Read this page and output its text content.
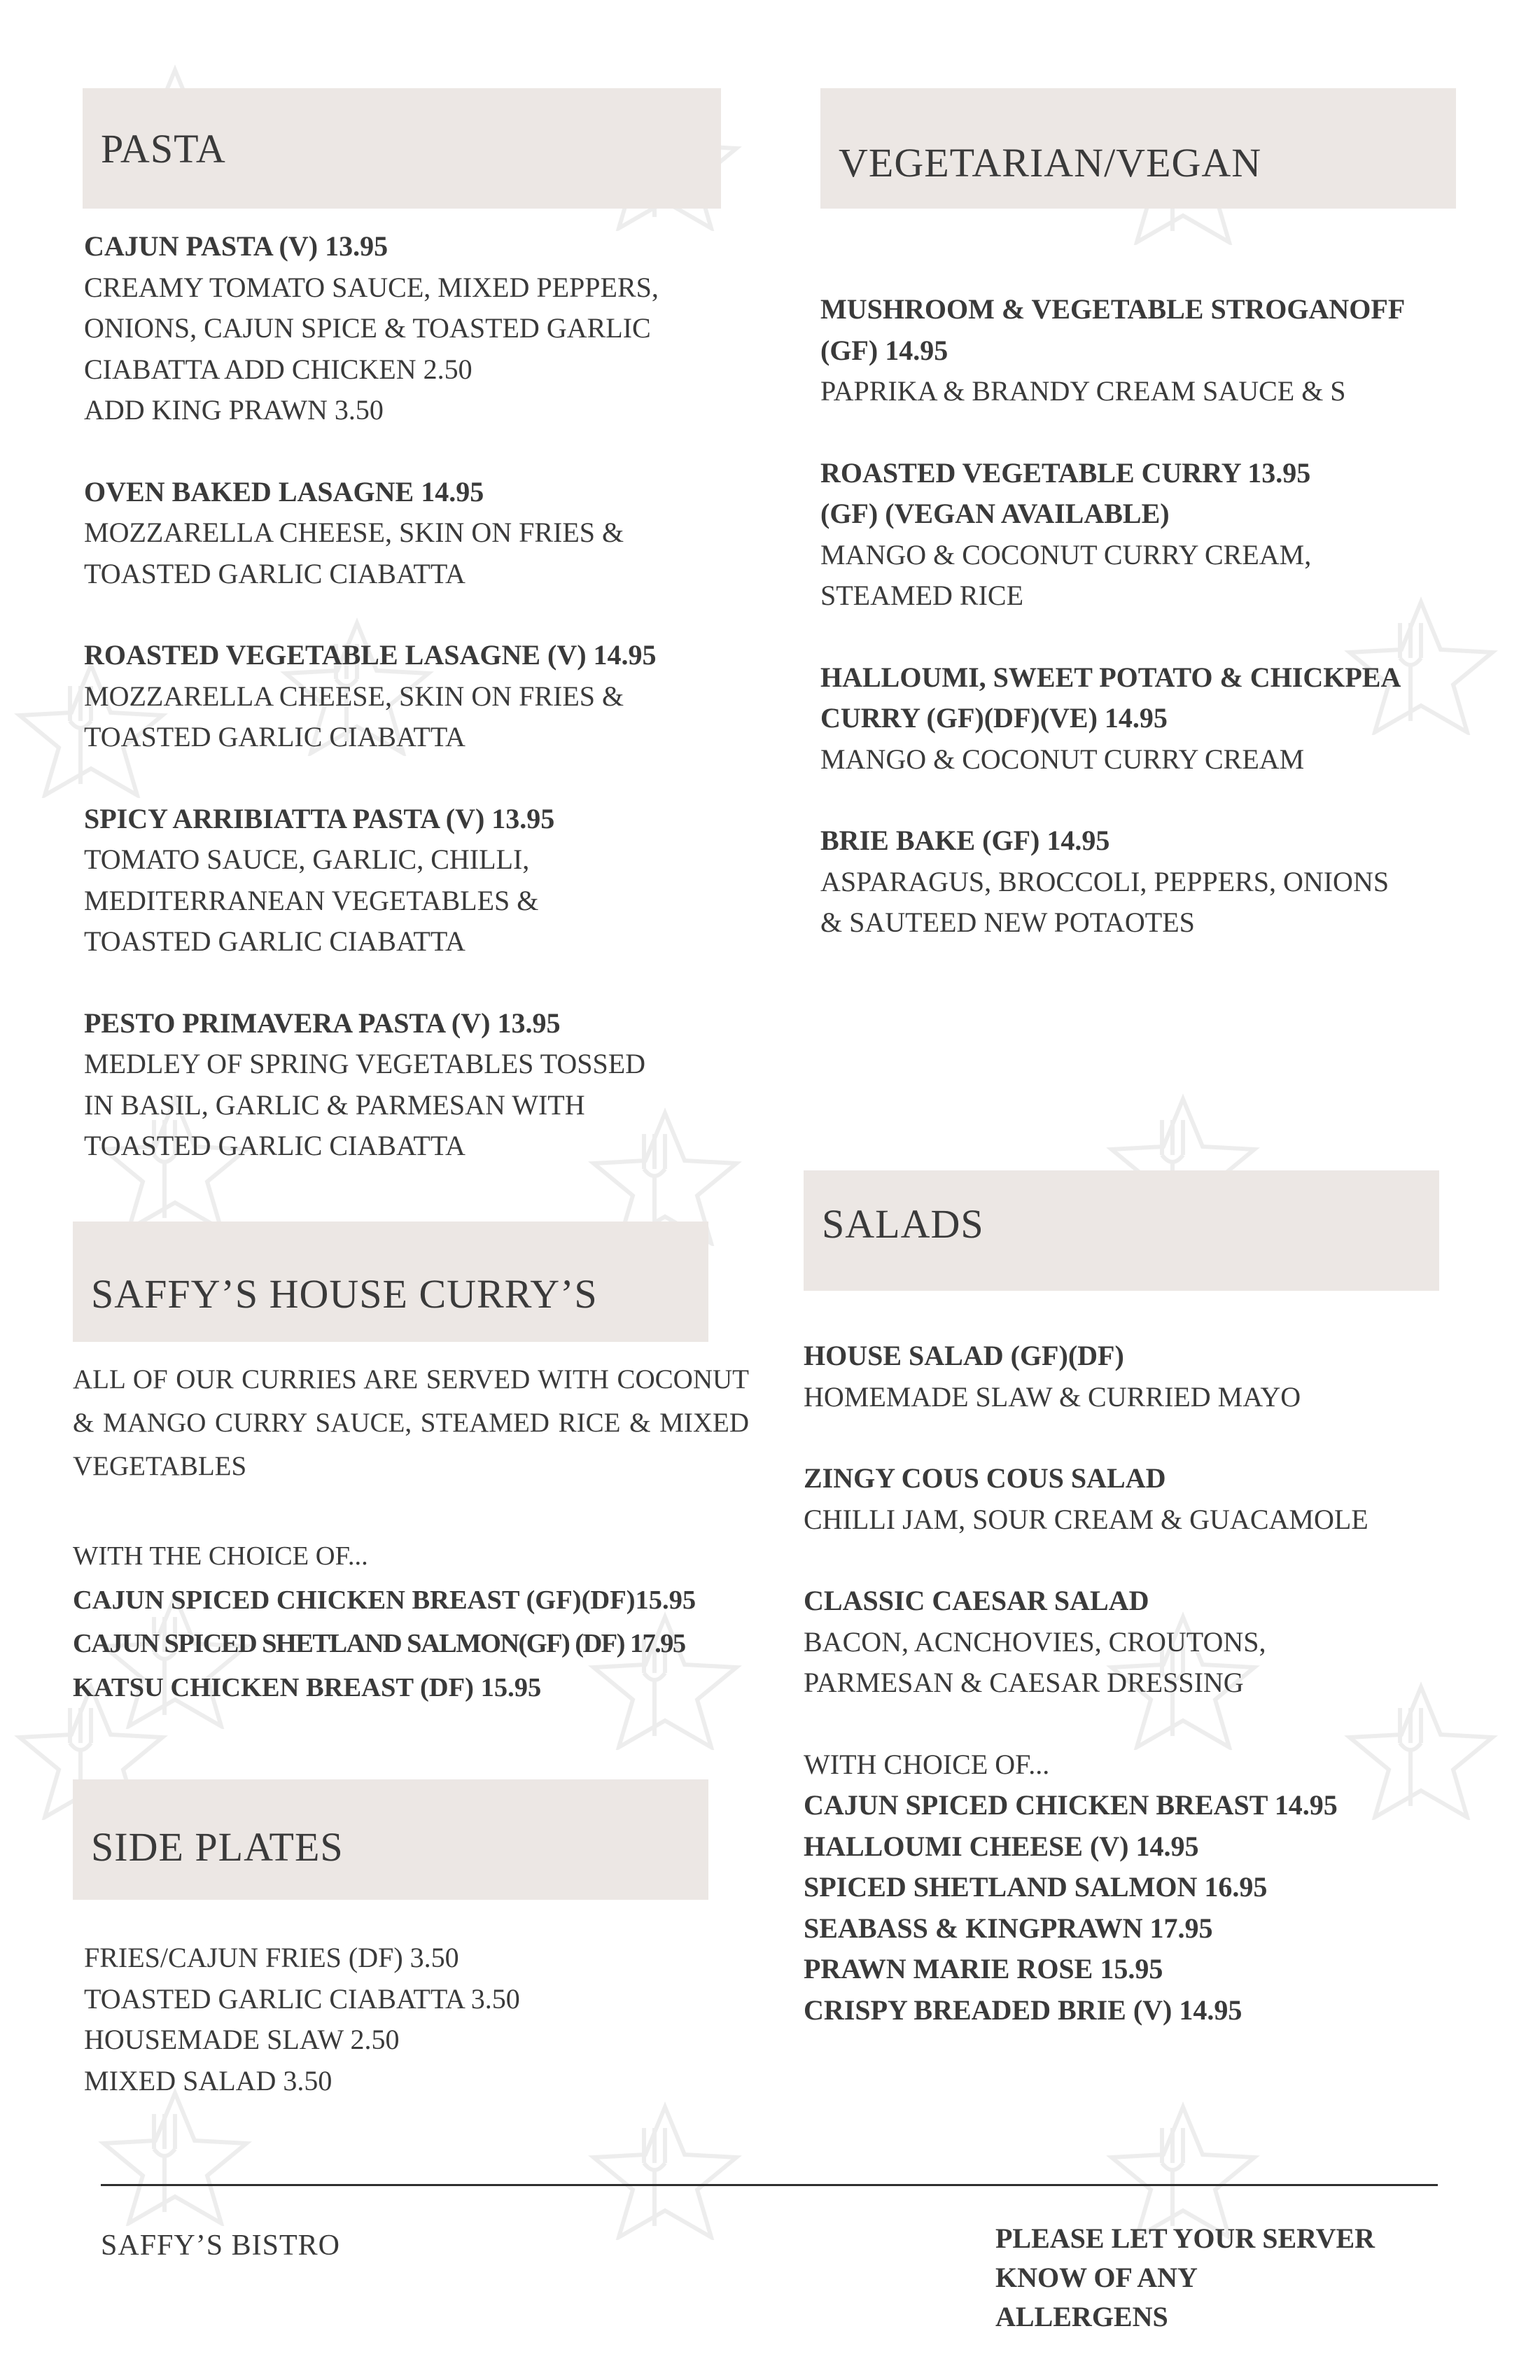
PASTA
CAJUN PASTA (V) 13.95
CREAMY TOMATO SAUCE, MIXED PEPPERS,
ONIONS, CAJUN SPICE & TOASTED GARLIC
CIABATTA ADD CHICKEN 2.50
ADD KING PRAWN 3.50
OVEN BAKED LASAGNE 14.95
MOZZARELLA CHEESE, SKIN ON FRIES &
TOASTED GARLIC CIABATTA
ROASTED VEGETABLE LASAGNE (V) 14.95
MOZZARELLA CHEESE, SKIN ON FRIES &
TOASTED GARLIC CIABATTA
SPICY ARRIBIATTA PASTA (V) 13.95
TOMATO SAUCE, GARLIC, CHILLI,
MEDITERRANEAN VEGETABLES &
TOASTED GARLIC CIABATTA
PESTO PRIMAVERA PASTA (V) 13.95
MEDLEY OF SPRING VEGETABLES TOSSED
IN BASIL, GARLIC & PARMESAN WITH
TOASTED GARLIC CIABATTA
VEGETARIAN/VEGAN
MUSHROOM & VEGETABLE STROGANOFF
(GF) 14.95
PAPRIKA & BRANDY CREAM SAUCE & S
ROASTED VEGETABLE CURRY 13.95
(GF) (VEGAN AVAILABLE)
MANGO & COCONUT CURRY CREAM,
STEAMED RICE
HALLOUMI, SWEET POTATO & CHICKPEA
CURRY (GF)(DF)(VE) 14.95
MANGO & COCONUT CURRY CREAM
BRIE BAKE (GF) 14.95
ASPARAGUS, BROCCOLI, PEPPERS, ONIONS
& SAUTEED NEW POTAOTES
SAFFY’S HOUSE CURRY’S
ALL OF OUR CURRIES ARE SERVED WITH COCONUT & MANGO CURRY SAUCE, STEAMED RICE & MIXED VEGETABLES
WITH THE CHOICE OF...
CAJUN SPICED CHICKEN BREAST (GF)(DF)15.95
CAJUN SPICED SHETLAND SALMON(GF) (DF) 17.95
KATSU CHICKEN BREAST (DF) 15.95
SIDE PLATES
FRIES/CAJUN FRIES (DF) 3.50
TOASTED GARLIC CIABATTA 3.50
HOUSEMADE SLAW 2.50
MIXED SALAD 3.50
SALADS
HOUSE SALAD (GF)(DF)
HOMEMADE SLAW & CURRIED MAYO
ZINGY COUS COUS SALAD
CHILLI JAM, SOUR CREAM & GUACAMOLE
CLASSIC CAESAR SALAD
BACON, ACNCHOVIES, CROUTONS,
PARMESAN & CAESAR DRESSING
WITH CHOICE OF...
CAJUN SPICED CHICKEN BREAST 14.95
HALLOUMI CHEESE (V) 14.95
SPICED SHETLAND SALMON 16.95
SEABASS & KINGPRAWN 17.95
PRAWN MARIE ROSE 15.95
CRISPY BREADED BRIE (V) 14.95
SAFFY’S BISTRO	PLEASE LET YOUR SERVER
KNOW OF ANY
ALLERGENS
